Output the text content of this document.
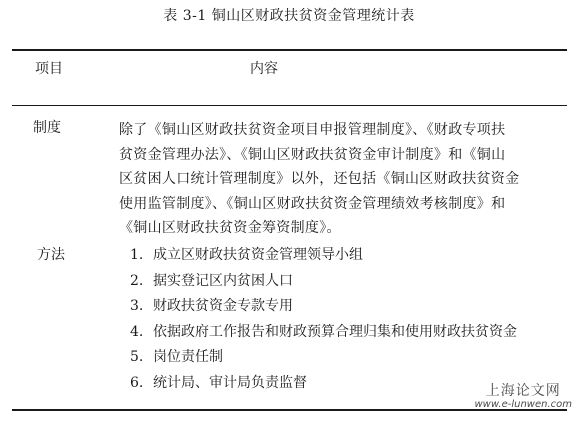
表 3-1 铜山区财政扶贫资金管理统计表
项目	内容
制度	除了《铜山区财政扶贫资金项目申报管理制度》、《财政专项扶
贫资金管理办法》、《铜山区财政扶贫资金审计制度》和《铜山
区贫困人口统计管理制度》以外，还包括《铜山区财政扶贫资金
使用监管制度》、《铜山区财政扶贫资金管理绩效考核制度》和
《铜山区财政扶贫资金筹资制度》。
方法	1. 成立区财政扶贫资金管理领导小组
2. 据实登记区内贫困人口
3. 财政扶贫资金专款专用
4. 依据政府工作报告和财政预算合理归集和使用财政扶贫资金
5. 岗位责任制
6. 统计局、审计局负责监督
上海论文网
www.e-lunwen.com
